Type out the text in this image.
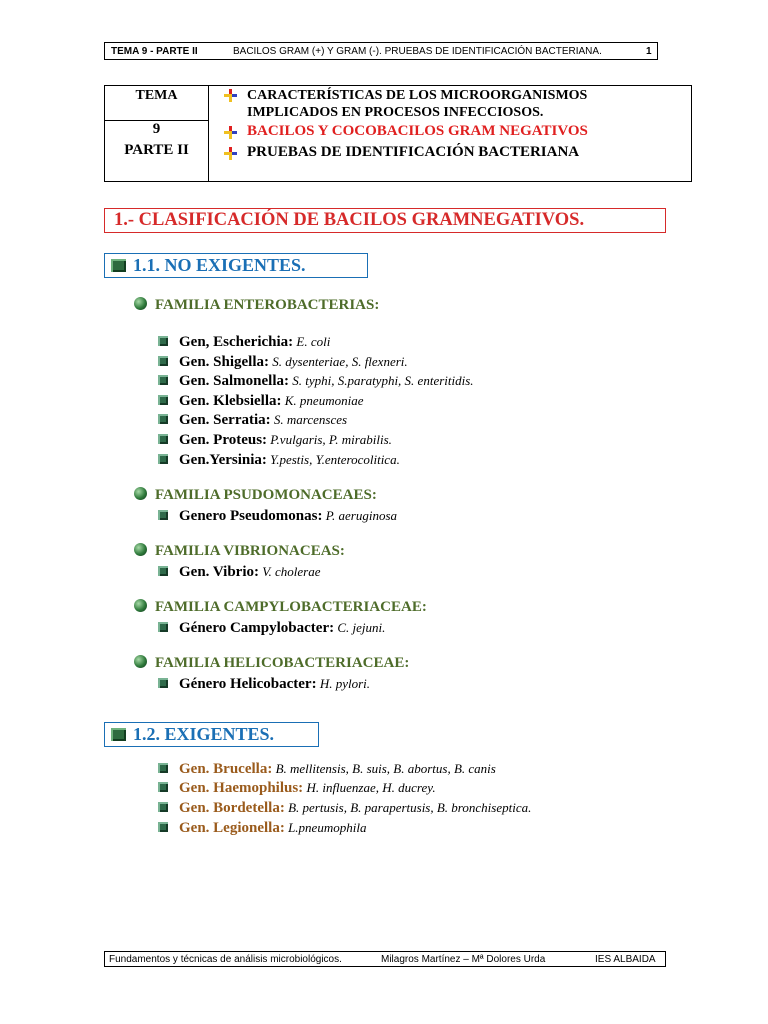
TEMA 9 - PARTE II	BACILOS GRAM (+) Y GRAM (-). PRUEBAS DE IDENTIFICACIÓN BACTERIANA.	1
TEMA
9
PARTE II
CARACTERÍSTICAS DE LOS MICROORGANISMOS
IMPLICADOS EN PROCESOS INFECCIOSOS.
BACILOS Y COCOBACILOS GRAM NEGATIVOS
PRUEBAS DE IDENTIFICACIÓN BACTERIANA
1.- CLASIFICACIÓN DE BACILOS GRAMNEGATIVOS.
1.1. NO EXIGENTES.
FAMILIA ENTEROBACTERIAS:
Gen, Escherichia: E. coli
Gen. Shigella: S. dysenteriae, S. flexneri.
Gen. Salmonella: S. typhi, S.paratyphi, S. enteritidis.
Gen. Klebsiella: K. pneumoniae
Gen. Serratia: S. marcensces
Gen. Proteus: P.vulgaris, P. mirabilis.
Gen.Yersinia: Y.pestis, Y.enterocolitica.
FAMILIA PSUDOMONACEAES:
Genero Pseudomonas: P. aeruginosa
FAMILIA VIBRIONACEAS:
Gen. Vibrio: V. cholerae
FAMILIA CAMPYLOBACTERIACEAE:
Género Campylobacter: C. jejuni.
FAMILIA HELICOBACTERIACEAE:
Género Helicobacter: H. pylori.
1.2. EXIGENTES.
Gen. Brucella: B. mellitensis, B. suis, B. abortus, B. canis
Gen. Haemophilus: H. influenzae, H. ducrey.
Gen. Bordetella: B. pertusis, B. parapertusis, B. bronchiseptica.
Gen. Legionella: L.pneumophila
Fundamentos y técnicas de análisis microbiológicos.	Milagros Martínez – Mª Dolores Urda	IES ALBAIDA
